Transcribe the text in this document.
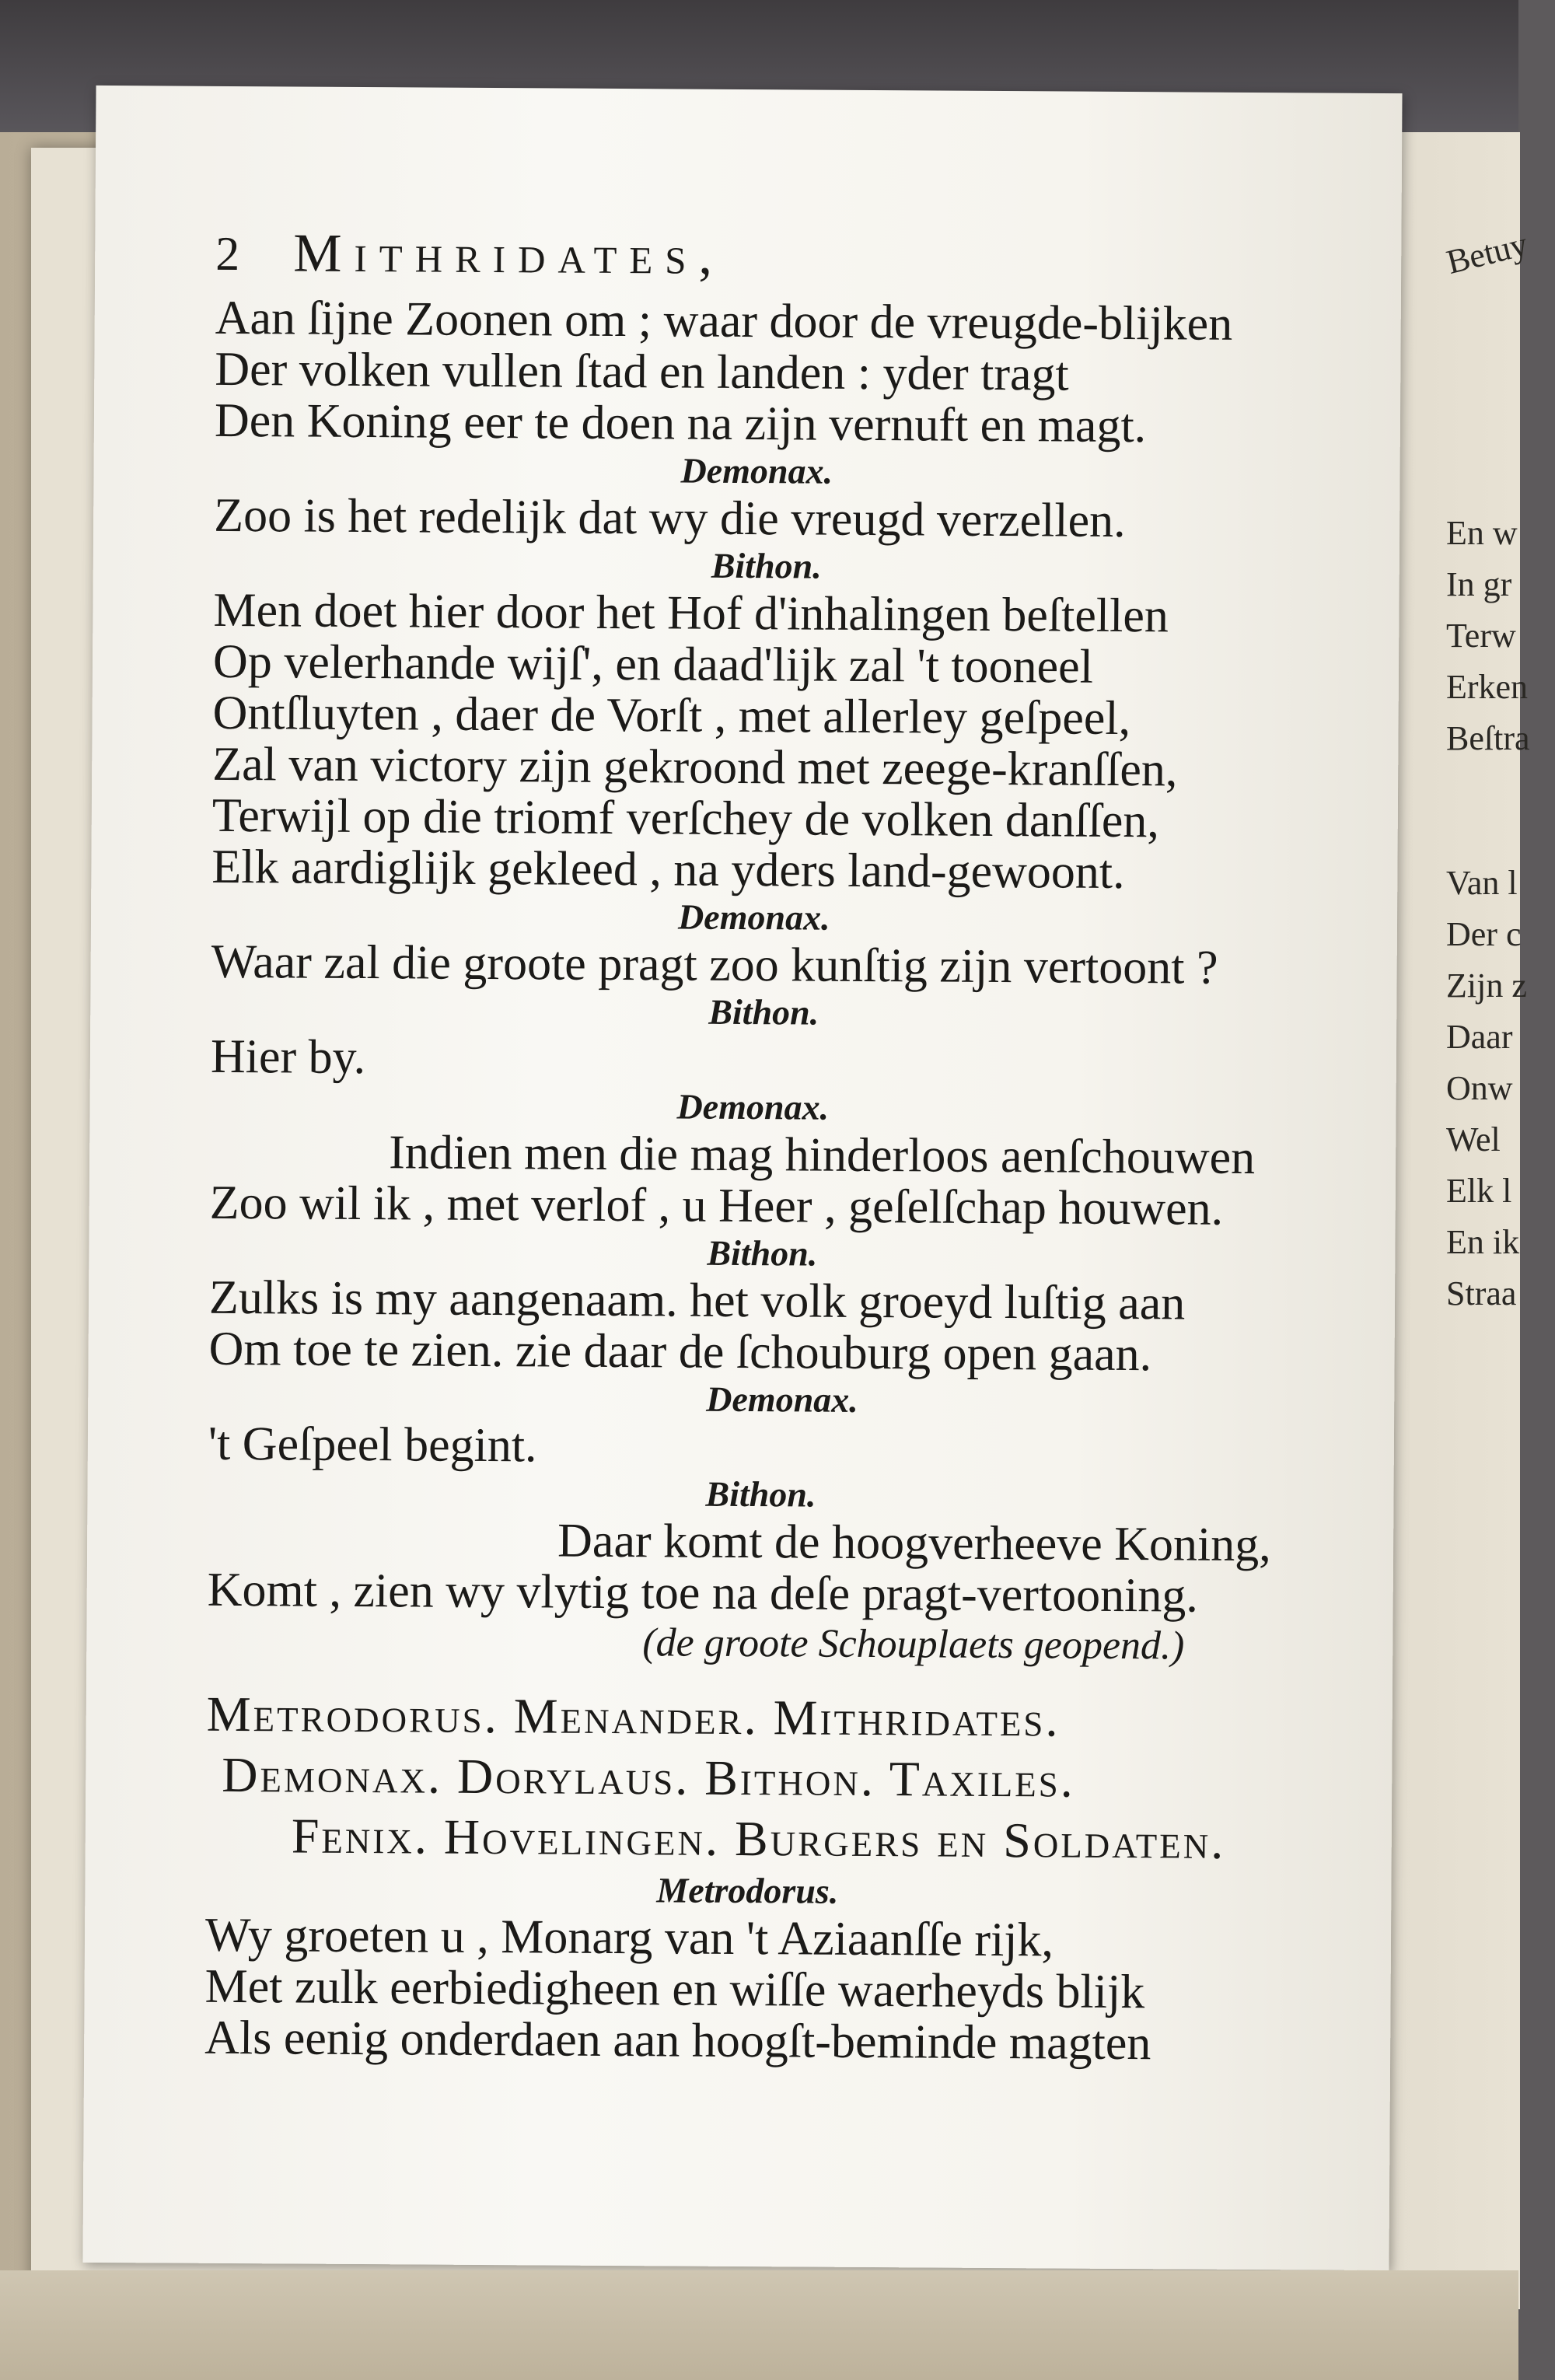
Betuy
En w
In gr
Terw
Erken
Beſtra
Van l
Der c
Zijn z
Daar
Onw
Wel
Elk l
En ik
Straa
2 Mithridates,
Aan ſijne Zoonen om ; waar door de vreugde-blijken
Der volken vullen ſtad en landen : yder tragt
Den Koning eer te doen na zijn vernuft en magt.
Demonax.
Zoo is het redelijk dat wy die vreugd verzellen.
Bithon.
Men doet hier door het Hof d'inhalingen beſtellen
Op velerhande wijſ', en daad'lijk zal 't tooneel
Ontſluyten , daer de Vorſt , met allerley geſpeel,
Zal van victory zijn gekroond met zeege-kranſſen,
Terwijl op die triomf verſchey de volken danſſen,
Elk aardiglijk gekleed , na yders land-gewoont.
Demonax.
Waar zal die groote pragt zoo kunſtig zijn vertoont ?
Bithon.
Hier by.
Demonax.
Indien men die mag hinderloos aenſchouwen
Zoo wil ik , met verlof , u Heer , geſelſchap houwen.
Bithon.
Zulks is my aangenaam. het volk groeyd luſtig aan
Om toe te zien. zie daar de ſchouburg open gaan.
Demonax.
't Geſpeel begint.
Bithon.
Daar komt de hoogverheeve Koning,
Komt , zien wy vlytig toe na deſe pragt-vertooning.
(de groote Schouplaets geopend.)
Metrodorus. Menander. Mithridates.
Demonax. Dorylaus. Bithon. Taxiles.
Fenix. Hovelingen. Burgers en Soldaten.
Metrodorus.
Wy groeten u , Monarg van 't Aziaanſſe rijk,
Met zulk eerbiedigheen en wiſſe waerheyds blijk
Als eenig onderdaen aan hoogſt-beminde magten
